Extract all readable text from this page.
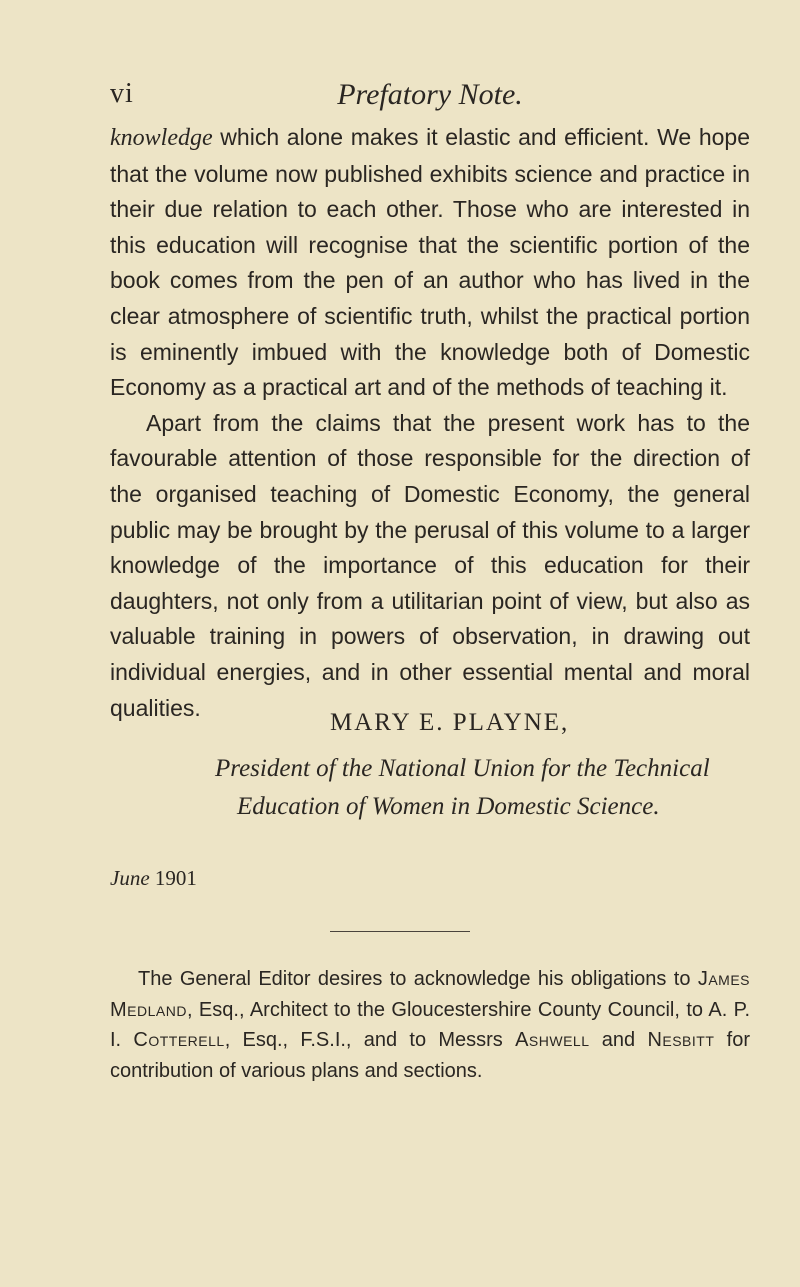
vi	Prefatory Note.

knowledge which alone makes it elastic and efficient. We hope that the volume now published exhibits science and practice in their due relation to each other. Those who are interested in this education will recognise that the scientific portion of the book comes from the pen of an author who has lived in the clear atmosphere of scientific truth, whilst the practical portion is eminently imbued with the knowledge both of Domestic Economy as a practical art and of the methods of teaching it.

Apart from the claims that the present work has to the favourable attention of those responsible for the direction of the organised teaching of Domestic Economy, the general public may be brought by the perusal of this volume to a larger knowledge of the importance of this education for their daughters, not only from a utilitarian point of view, but also as valuable training in powers of observation, in drawing out individual energies, and in other essential mental and moral qualities.

MARY E. PLAYNE,
President of the National Union for the Technical
Education of Women in Domestic Science.
June 1901

The General Editor desires to acknowledge his obligations to James Medland, Esq., Architect to the Gloucestershire County Council, to A. P. I. Cotterell, Esq., F.S.I., and to Messrs Ashwell and Nesbitt for contribution of various plans and sections.
